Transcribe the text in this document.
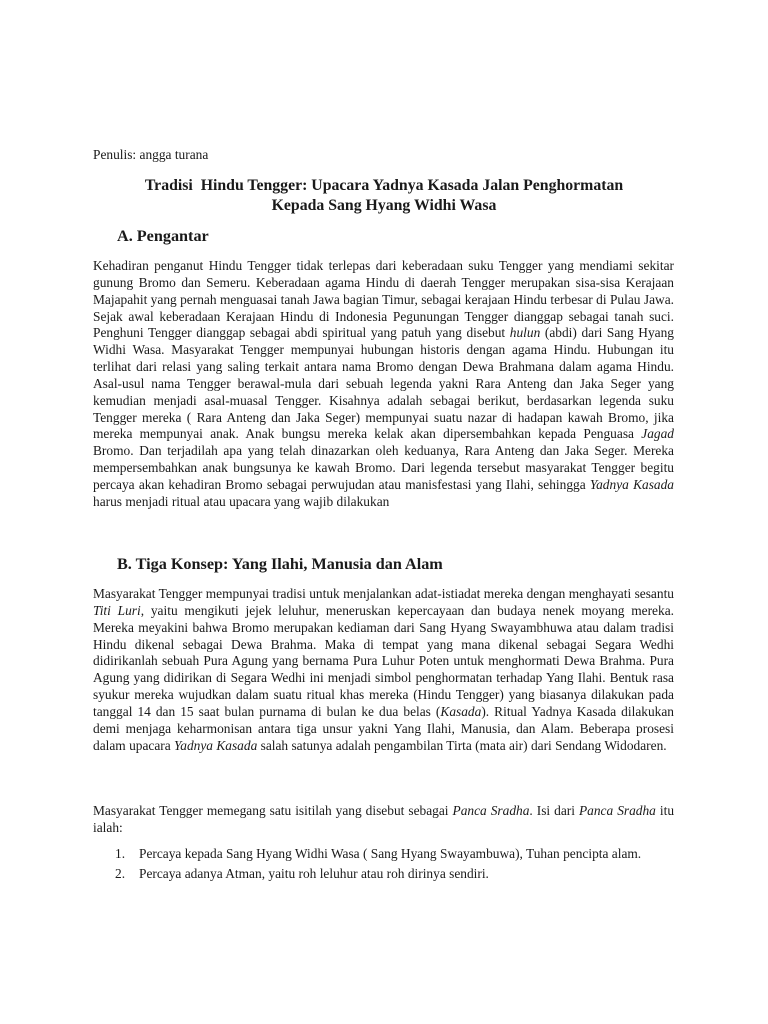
Penulis: angga turana
Tradisi  Hindu Tengger: Upacara Yadnya Kasada Jalan Penghormatan
Kepada Sang Hyang Widhi Wasa
A. Pengantar

Kehadiran penganut Hindu Tengger tidak terlepas dari keberadaan suku Tengger yang mendiami sekitar gunung Bromo dan Semeru. Keberadaan agama Hindu di daerah Tengger merupakan sisa-sisa Kerajaan Majapahit yang pernah menguasai tanah Jawa bagian Timur, sebagai kerajaan Hindu terbesar di Pulau Jawa. Sejak awal keberadaan Kerajaan Hindu di Indonesia Pegunungan Tengger dianggap sebagai tanah suci. Penghuni Tengger dianggap sebagai abdi spiritual yang patuh yang disebut hulun (abdi) dari Sang Hyang Widhi Wasa. Masyarakat Tengger mempunyai hubungan historis dengan agama Hindu. Hubungan itu terlihat dari relasi yang saling terkait antara nama Bromo dengan Dewa Brahmana dalam agama Hindu. Asal-usul nama Tengger berawal-mula dari sebuah legenda yakni Rara Anteng dan Jaka Seger yang kemudian menjadi asal-muasal Tengger. Kisahnya adalah sebagai berikut, berdasarkan legenda suku Tengger mereka ( Rara Anteng dan Jaka Seger) mempunyai suatu nazar di hadapan kawah Bromo, jika mereka mempunyai anak. Anak bungsu mereka kelak akan dipersembahkan kepada Penguasa Jagad Bromo. Dan terjadilah apa yang telah dinazarkan oleh keduanya, Rara Anteng dan Jaka Seger. Mereka mempersembahkan anak bungsunya ke kawah Bromo. Dari legenda tersebut masyarakat Tengger begitu percaya akan kehadiran Bromo sebagai perwujudan atau manisfestasi yang Ilahi, sehingga Yadnya Kasada harus menjadi ritual atau upacara yang wajib dilakukan

B. Tiga Konsep: Yang Ilahi, Manusia dan Alam

Masyarakat Tengger mempunyai tradisi untuk menjalankan adat-istiadat mereka dengan menghayati sesantu Titi Luri, yaitu mengikuti jejek leluhur, meneruskan kepercayaan dan budaya nenek moyang mereka. Mereka meyakini bahwa Bromo merupakan kediaman dari Sang Hyang Swayambhuwa atau dalam tradisi Hindu dikenal sebagai Dewa Brahma. Maka di tempat yang mana dikenal sebagai Segara Wedhi didirikanlah sebuah Pura Agung yang bernama Pura Luhur Poten untuk menghormati Dewa Brahma. Pura Agung yang didirikan di Segara Wedhi ini menjadi simbol penghormatan terhadap Yang Ilahi. Bentuk rasa syukur mereka wujudkan dalam suatu ritual khas mereka (Hindu Tengger) yang biasanya dilakukan pada tanggal 14 dan 15 saat bulan purnama di bulan ke dua belas (Kasada). Ritual Yadnya Kasada dilakukan demi menjaga keharmonisan antara tiga unsur yakni Yang Ilahi, Manusia, dan Alam. Beberapa prosesi dalam upacara Yadnya Kasada salah satunya adalah pengambilan Tirta (mata air) dari Sendang Widodaren.

Masyarakat Tengger memegang satu isitilah yang disebut sebagai Panca Sradha. Isi dari Panca Sradha itu ialah:

1. Percaya kepada Sang Hyang Widhi Wasa ( Sang Hyang Swayambuwa), Tuhan pencipta alam.
2. Percaya adanya Atman, yaitu roh leluhur atau roh dirinya sendiri.
